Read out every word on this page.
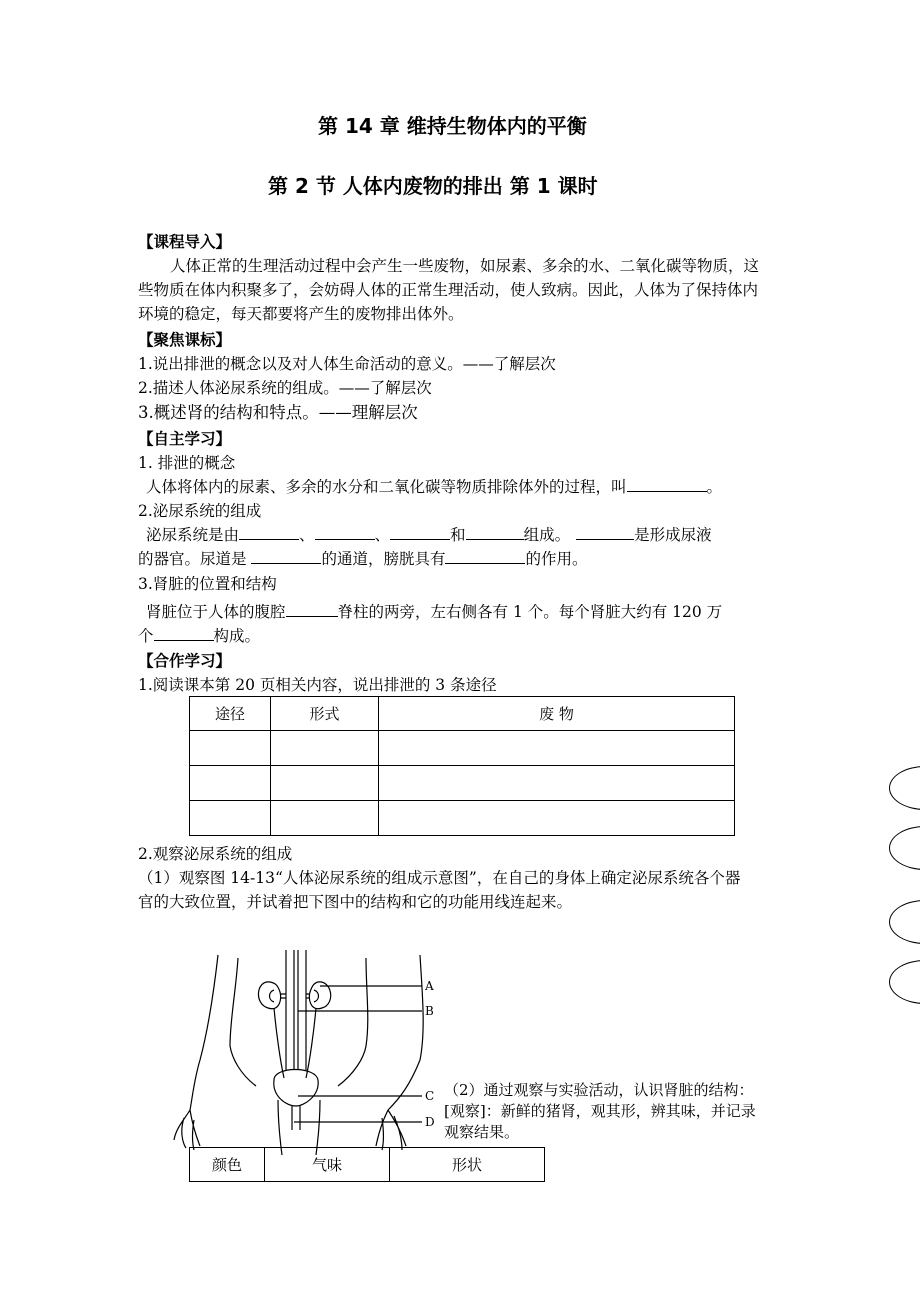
第 14 章 维持生物体内的平衡
第 2 节 人体内废物的排出 第 1 课时
【课程导入】
人体正常的生理活动过程中会产生一些废物，如尿素、多余的水、二氧化碳等物质，这
些物质在体内积聚多了，会妨碍人体的正常生理活动，使人致病。因此，人体为了保持体内
环境的稳定，每天都要将产生的废物排出体外。
【聚焦课标】
1.说出排泄的概念以及对人体生命活动的意义。——了解层次
2.描述人体泌尿系统的组成。——了解层次
3.概述肾的结构和特点。——理解层次
【自主学习】
1. 排泄的概念
人体将体内的尿素、多余的水分和二氧化碳等物质排除体外的过程，叫	。
2.泌尿系统的组成
泌尿系统是由	、	、	和	组成。	是形成尿液
的器官。尿道是	的通道，膀胱具有	的作用。
3.肾脏的位置和结构
肾脏位于人体的腹腔	脊柱的两旁，左右侧各有 1 个。每个肾脏大约有 120 万
个	构成。
【合作学习】
1.阅读课本第 20 页相关内容，说出排泄的 3 条途径
途径	形式	废 物

2.观察泌尿系统的组成
（1）观察图 14-13“人体泌尿系统的组成示意图”，在自己的身体上确定泌尿系统各个器
官的大致位置，并试着把下图中的结构和它的功能用线连起来。
A
B
C
D
（2）通过观察与实验活动，认识肾脏的结构：
[观察]：新鲜的猪肾，观其形，辨其味，并记录
观察结果。
颜色	气味	形状
